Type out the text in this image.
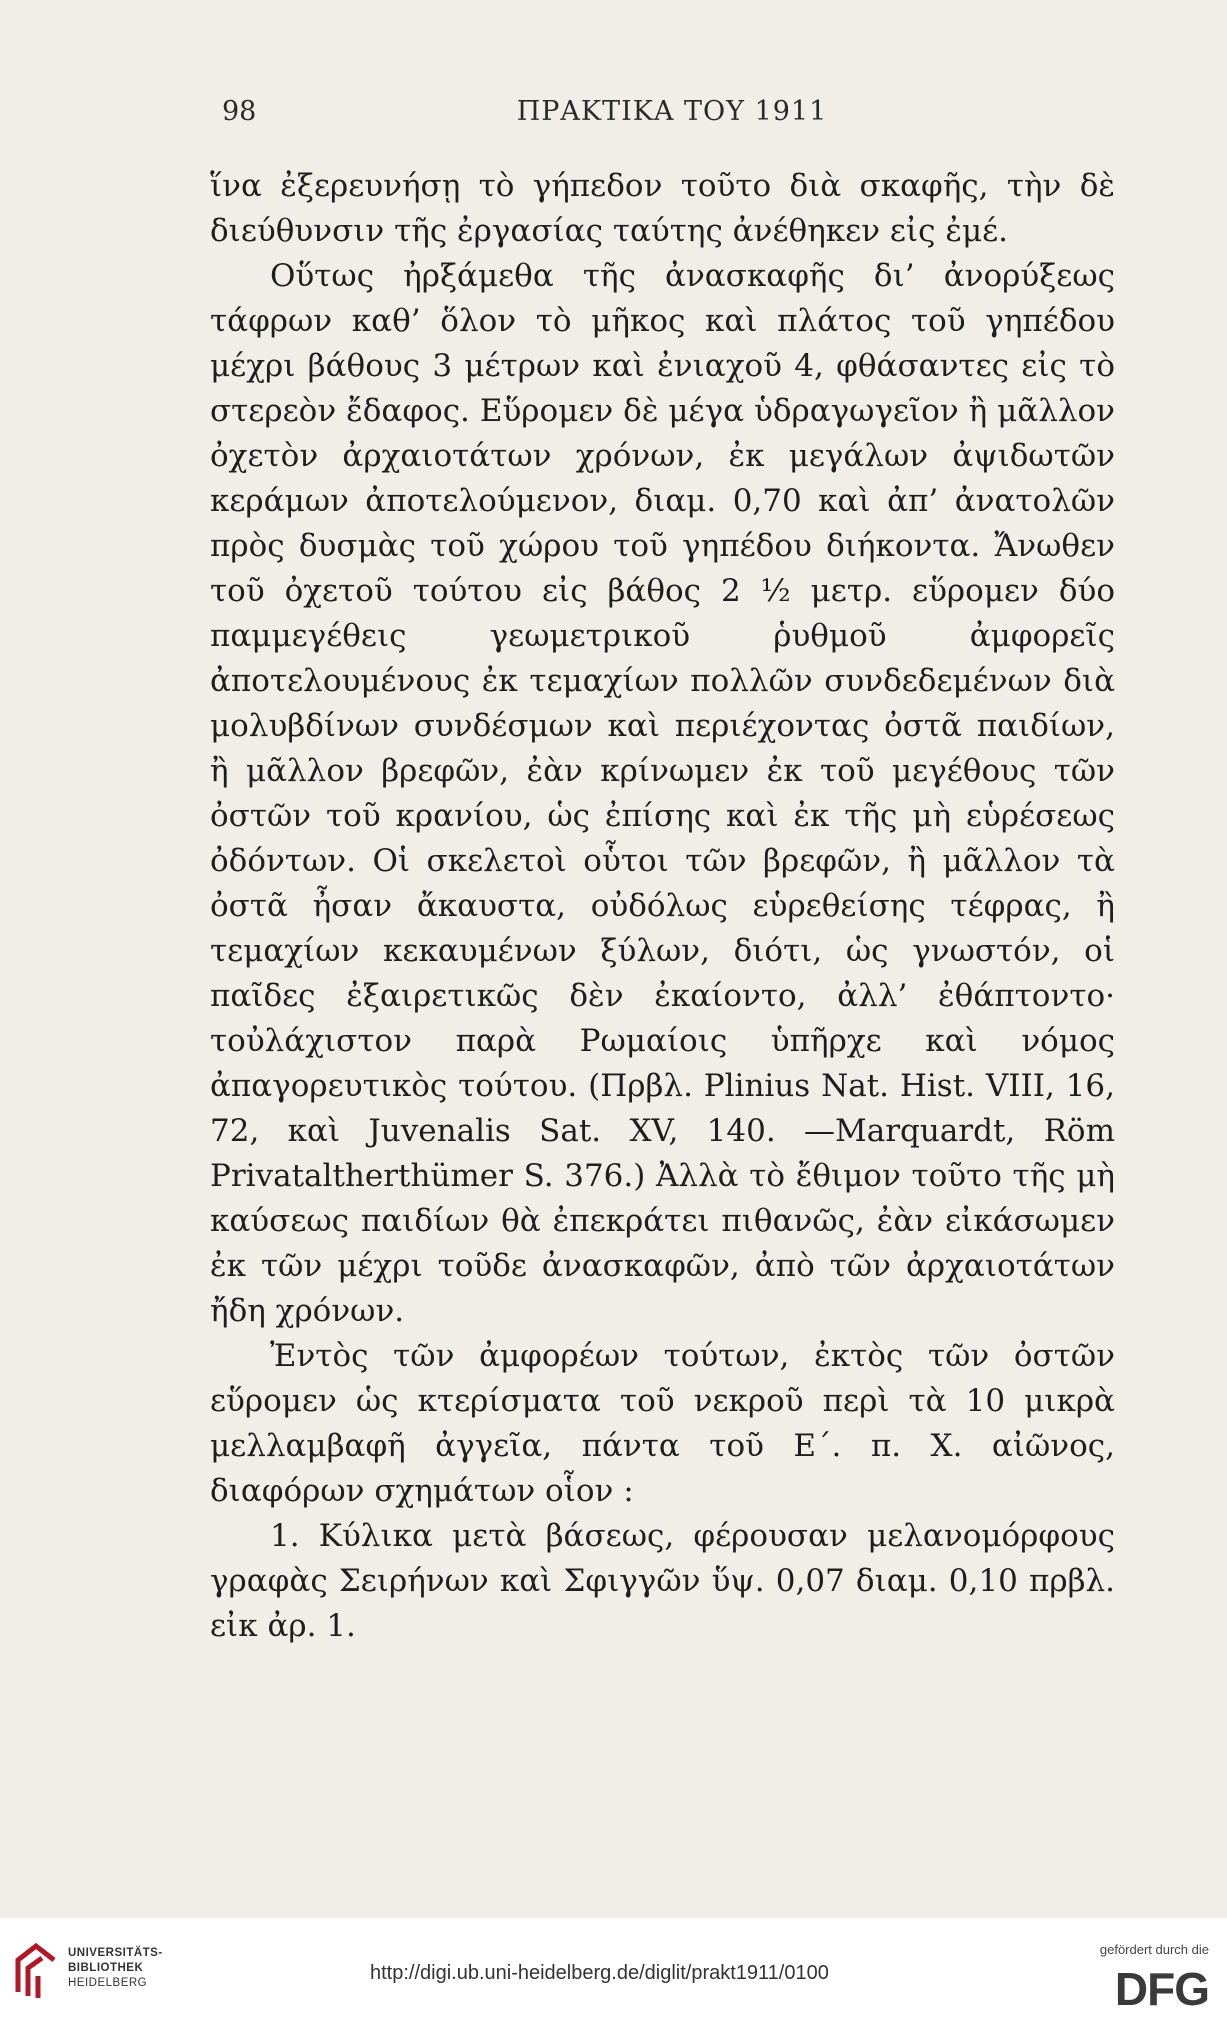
98	ΠΡΑΚΤΙΚΑ ΤΟΥ 1911

ἵνα ἐξερευνήσῃ τὸ γήπεδον τοῦτο διὰ σκαφῆς, τὴν δὲ διεύθυνσιν τῆς ἐργασίας ταύτης ἀνέθηκεν εἰς ἐμέ.

Οὕτως ἠρξάμεθα τῆς ἀνασκαφῆς δι’ ἀνορύξεως τάφρων καθ’ ὅλον τὸ μῆκος καὶ πλάτος τοῦ γηπέδου μέχρι βάθους 3 μέτρων καὶ ἐνιαχοῦ 4, φθάσαντες εἰς τὸ στερεὸν ἔδαφος. Εὕρομεν δὲ μέγα ὑδραγωγεῖον ἢ μᾶλλον ὀχετὸν ἀρχαιοτάτων χρόνων, ἐκ μεγάλων ἀψιδωτῶν κεράμων ἀποτελούμενον, διαμ. 0,70 καὶ ἀπ’ ἀνατολῶν πρὸς δυσμὰς τοῦ χώρου τοῦ γηπέδου διήκοντα. Ἄνωθεν τοῦ ὀχετοῦ τούτου εἰς βάθος 2 ½ μετρ. εὕρομεν δύο παμμεγέθεις γεωμετρικοῦ ῥυθμοῦ ἀμφορεῖς ἀποτελουμένους ἐκ τεμαχίων πολλῶν συνδεδεμένων διὰ μολυβδίνων συνδέσμων καὶ περιέχοντας ὀστᾶ παιδίων, ἢ μᾶλλον βρεφῶν, ἐὰν κρίνωμεν ἐκ τοῦ μεγέθους τῶν ὀστῶν τοῦ κρανίου, ὡς ἐπίσης καὶ ἐκ τῆς μὴ εὑρέσεως ὀδόντων. Οἱ σκελετοὶ οὗτοι τῶν βρεφῶν, ἢ μᾶλλον τὰ ὀστᾶ ἦσαν ἄκαυστα, οὐδόλως εὑρεθείσης τέφρας, ἢ τεμαχίων κεκαυμένων ξύλων, διότι, ὡς γνωστόν, οἱ παῖδες ἐξαιρετικῶς δὲν ἐκαίοντο, ἀλλ’ ἐθάπτοντο· τοὐλάχιστον παρὰ Ρωμαίοις ὑπῆρχε καὶ νόμος ἀπαγορευτικὸς τούτου. (Πρβλ. Plinius Nat. Hist. VIII, 16, 72, καὶ Juvenalis Sat. XV, 140. —Marquardt, Röm Privataltherthümer S. 376.) Ἀλλὰ τὸ ἔθιμον τοῦτο τῆς μὴ καύσεως παιδίων θὰ ἐπεκράτει πιθανῶς, ἐὰν εἰκάσωμεν ἐκ τῶν μέχρι τοῦδε ἀνασκαφῶν, ἀπὸ τῶν ἀρχαιοτάτων ἤδη χρόνων.

Ἐντὸς τῶν ἀμφορέων τούτων, ἐκτὸς τῶν ὀστῶν εὕρομεν ὡς κτερίσματα τοῦ νεκροῦ περὶ τὰ 10 μικρὰ μελλαμβαφῆ ἀγγεῖα, πάντα τοῦ Ε΄. π. Χ. αἰῶνος, διαφόρων σχημάτων οἷον :

1. Κύλικα μετὰ βάσεως, φέρουσαν μελανομόρφους γραφὰς Σειρήνων καὶ Σφιγγῶν ὕψ. 0,07 διαμ. 0,10 πρβλ. εἰκ ἀρ. 1.

UNIVERSITÄTS-
BIBLIOTHEK
HEIDELBERG	http://digi.ub.uni-heidelberg.de/diglit/prakt1911/0100
gefördert durch die
DFG
